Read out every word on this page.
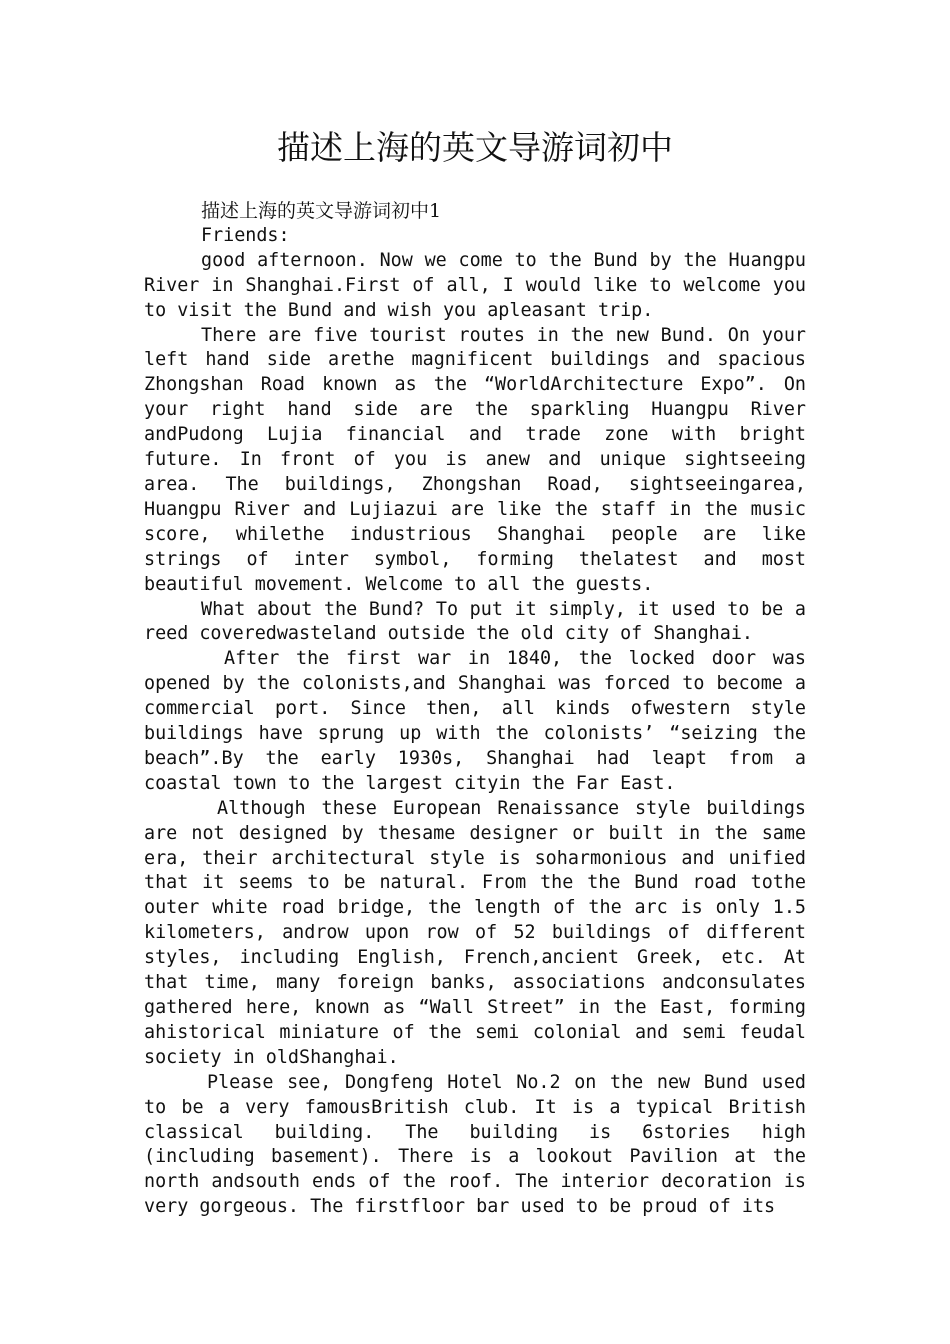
描述上海的英文导游词初中

描述上海的英文导游词初中1

Friends:

good afternoon. Now we come to the Bund by the Huangpu River in Shanghai.First of all, I would like to welcome you to visit the Bund and wish you apleasant trip.

There are five tourist routes in the new Bund. On your left hand side arethe magnificent buildings and spacious Zhongshan Road known as the “WorldArchitecture Expo”. On your right hand side are the sparkling Huangpu River andPudong Lujia financial and trade zone with bright future. In front of you is anew and unique sightseeing area. The buildings, Zhongshan Road, sightseeingarea, Huangpu River and Lujiazui are like the staff in the music score, whilethe industrious Shanghai people are like strings of inter symbol, forming thelatest and most beautiful movement. Welcome to all the guests.

What about the Bund? To put it simply, it used to be a reed coveredwasteland outside the old city of Shanghai.

After the first war in 1840, the locked door was opened by the colonists,and Shanghai was forced to become a commercial port. Since then, all kinds ofwestern style buildings have sprung up with the colonists’ “seizing the beach”.By the early 1930s, Shanghai had leapt from a coastal town to the largest cityin the Far East.

Although these European Renaissance style buildings are not designed by thesame designer or built in the same era, their architectural style is soharmonious and unified that it seems to be natural. From the the Bund road tothe outer white road bridge, the length of the arc is only 1.5 kilometers, androw upon row of 52 buildings of different styles, including English, French,ancient Greek, etc. At that time, many foreign banks, associations andconsulates gathered here, known as “Wall Street” in the East, forming ahistorical miniature of the semi colonial and semi feudal society in oldShanghai.

Please see, Dongfeng Hotel No.2 on the new Bund used to be a very famousBritish club. It is a typical British classical building. The building is 6stories high (including basement). There is a lookout Pavilion at the north andsouth ends of the roof. The interior decoration is very gorgeous. The firstfloor bar used to be proud of its
